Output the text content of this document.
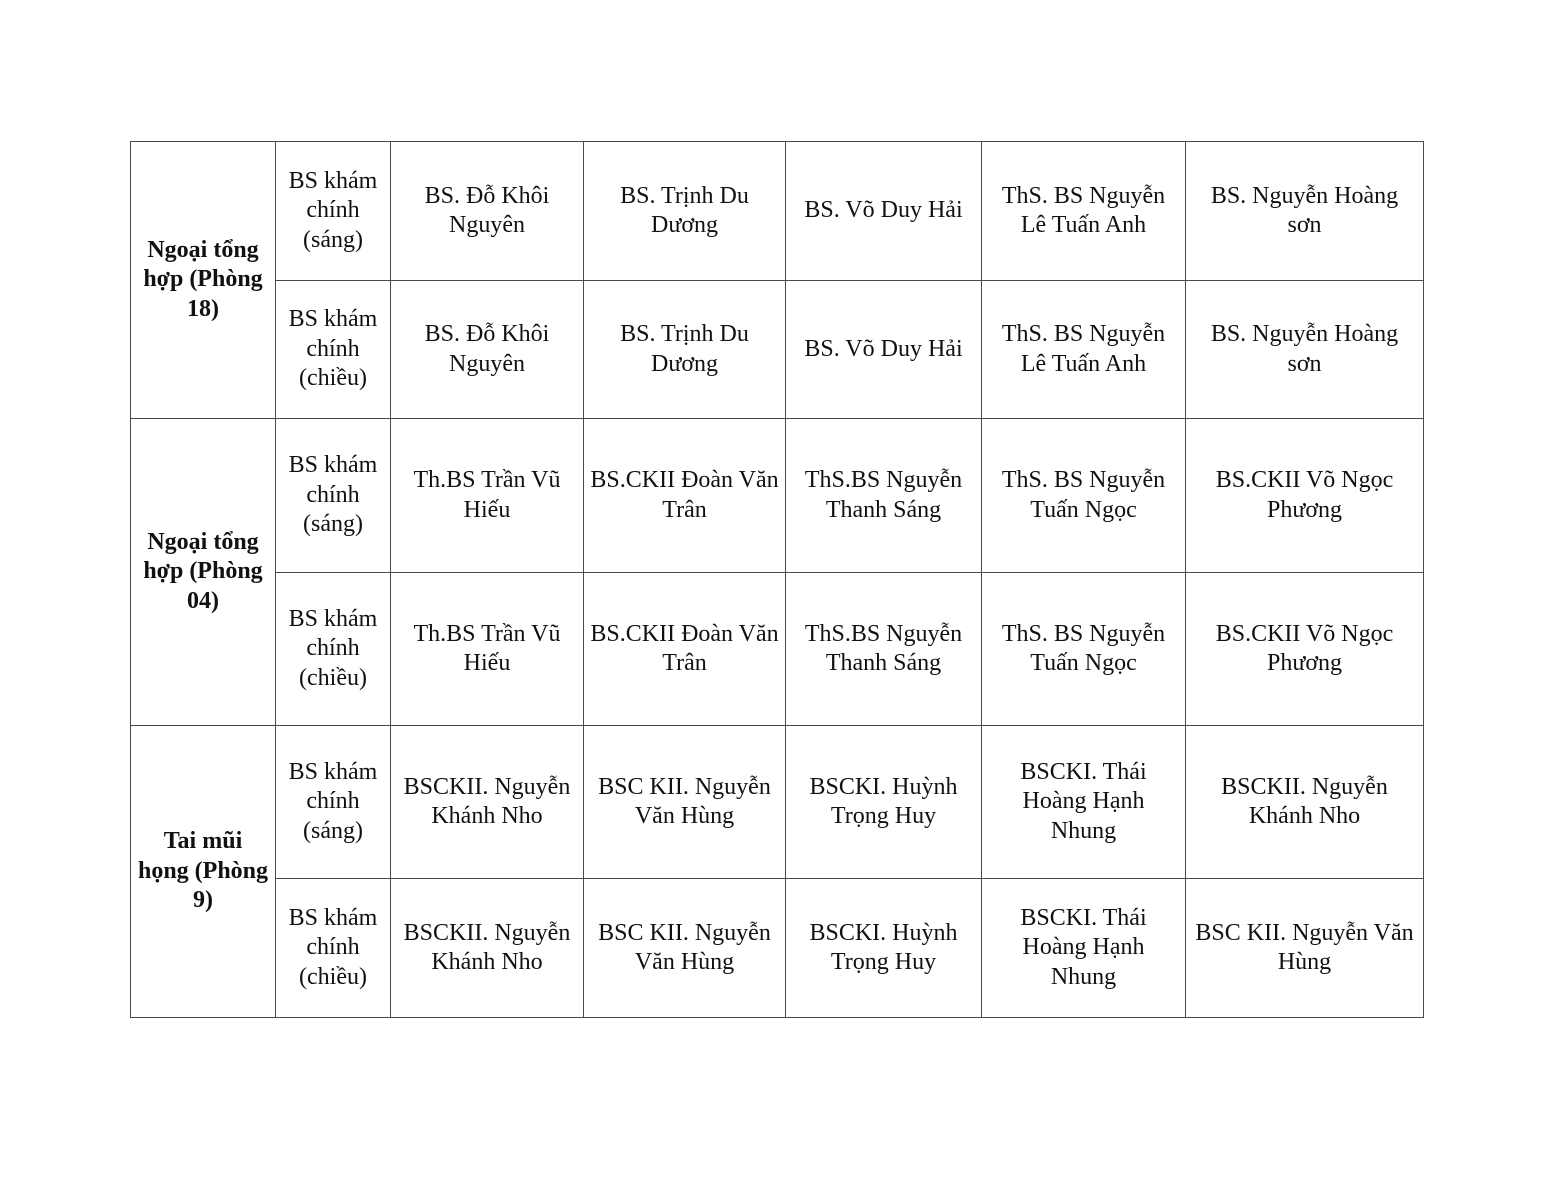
Ngoại tổng hợp (Phòng 18)	BS khám chính (sáng)	BS. Đỗ Khôi Nguyên	BS. Trịnh Du Dương	BS. Võ Duy Hải	ThS. BS Nguyễn Lê Tuấn Anh	BS. Nguyễn Hoàng sơn
	BS khám chính (chiều)	BS. Đỗ Khôi Nguyên	BS. Trịnh Du Dương	BS. Võ Duy Hải	ThS. BS Nguyễn Lê Tuấn Anh	BS. Nguyễn Hoàng sơn
Ngoại tổng hợp (Phòng 04)	BS khám chính (sáng)	Th.BS Trần Vũ Hiếu	BS.CKII Đoàn Văn Trân	ThS.BS Nguyễn Thanh Sáng	ThS. BS Nguyễn Tuấn Ngọc	BS.CKII Võ Ngọc Phương
	BS khám chính (chiều)	Th.BS Trần Vũ Hiếu	BS.CKII Đoàn Văn Trân	ThS.BS Nguyễn Thanh Sáng	ThS. BS Nguyễn Tuấn Ngọc	BS.CKII Võ Ngọc Phương
Tai mũi họng (Phòng 9)	BS khám chính (sáng)	BSCKII. Nguyễn Khánh Nho	BSC KII. Nguyễn Văn Hùng	BSCKI. Huỳnh Trọng Huy	BSCKI. Thái Hoàng Hạnh Nhung	BSCKII. Nguyễn Khánh Nho
	BS khám chính (chiều)	BSCKII. Nguyễn Khánh Nho	BSC KII. Nguyễn Văn Hùng	BSCKI. Huỳnh Trọng Huy	BSCKI. Thái Hoàng Hạnh Nhung	BSC KII. Nguyễn Văn Hùng
